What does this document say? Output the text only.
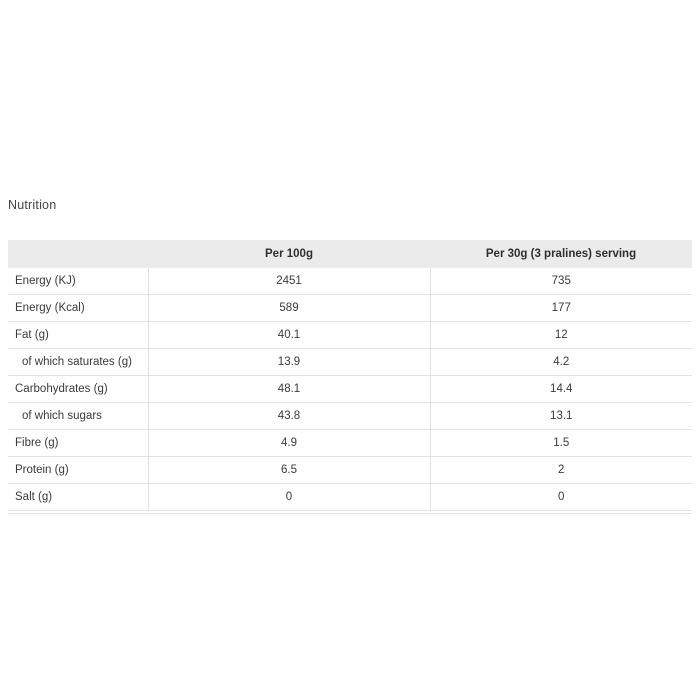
Nutrition
	Per 100g	Per 30g (3 pralines) serving
Energy (KJ)	2451	735
Energy (Kcal)	589	177
Fat (g)	40.1	12
of which saturates (g)	13.9	4.2
Carbohydrates (g)	48.1	14.4
of which sugars	43.8	13.1
Fibre (g)	4.9	1.5
Protein (g)	6.5	2
Salt (g)	0	0
